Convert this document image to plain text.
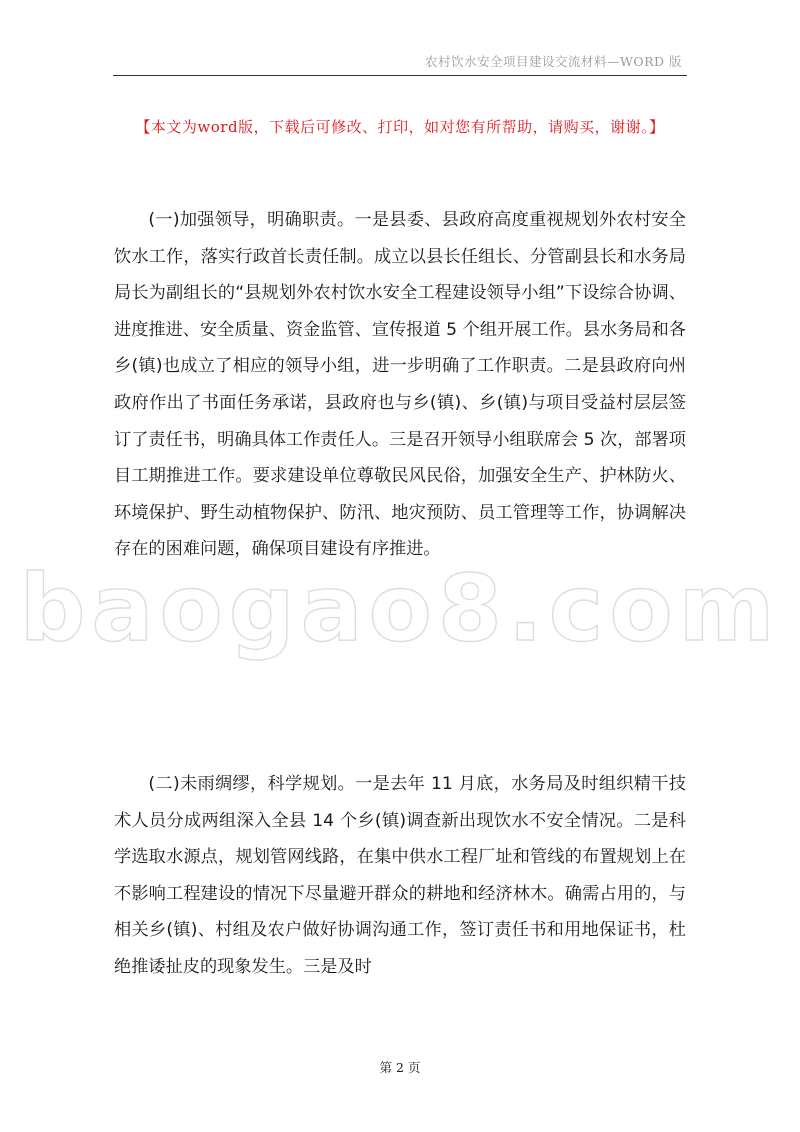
农村饮水安全项目建设交流材料—WORD 版
【本文为word版，下载后可修改、打印，如对您有所帮助，请购买，谢谢。】

(一)加强领导，明确职责。一是县委、县政府高度重视规划外农村安全饮水工作，落实行政首长责任制。成立以县长任组长、分管副县长和水务局局长为副组长的“县规划外农村饮水安全工程建设领导小组”下设综合协调、进度推进、安全质量、资金监管、宣传报道 5 个组开展工作。县水务局和各乡(镇)也成立了相应的领导小组，进一步明确了工作职责。二是县政府向州政府作出了书面任务承诺，县政府也与乡(镇)、乡(镇)与项目受益村层层签订了责任书，明确具体工作责任人。三是召开领导小组联席会 5 次，部署项目工期推进工作。要求建设单位尊敬民风民俗，加强安全生产、护林防火、环境保护、野生动植物保护、防汛、地灾预防、员工管理等工作，协调解决存在的困难问题，确保项目建设有序推进。

baogao8.com

(二)未雨绸缪，科学规划。一是去年 11 月底，水务局及时组织精干技术人员分成两组深入全县 14 个乡(镇)调查新出现饮水不安全情况。二是科学选取水源点，规划管网线路，在集中供水工程厂址和管线的布置规划上在不影响工程建设的情况下尽量避开群众的耕地和经济林木。确需占用的，与相关乡(镇)、村组及农户做好协调沟通工作，签订责任书和用地保证书，杜绝推诿扯皮的现象发生。三是及时

第 2 页
